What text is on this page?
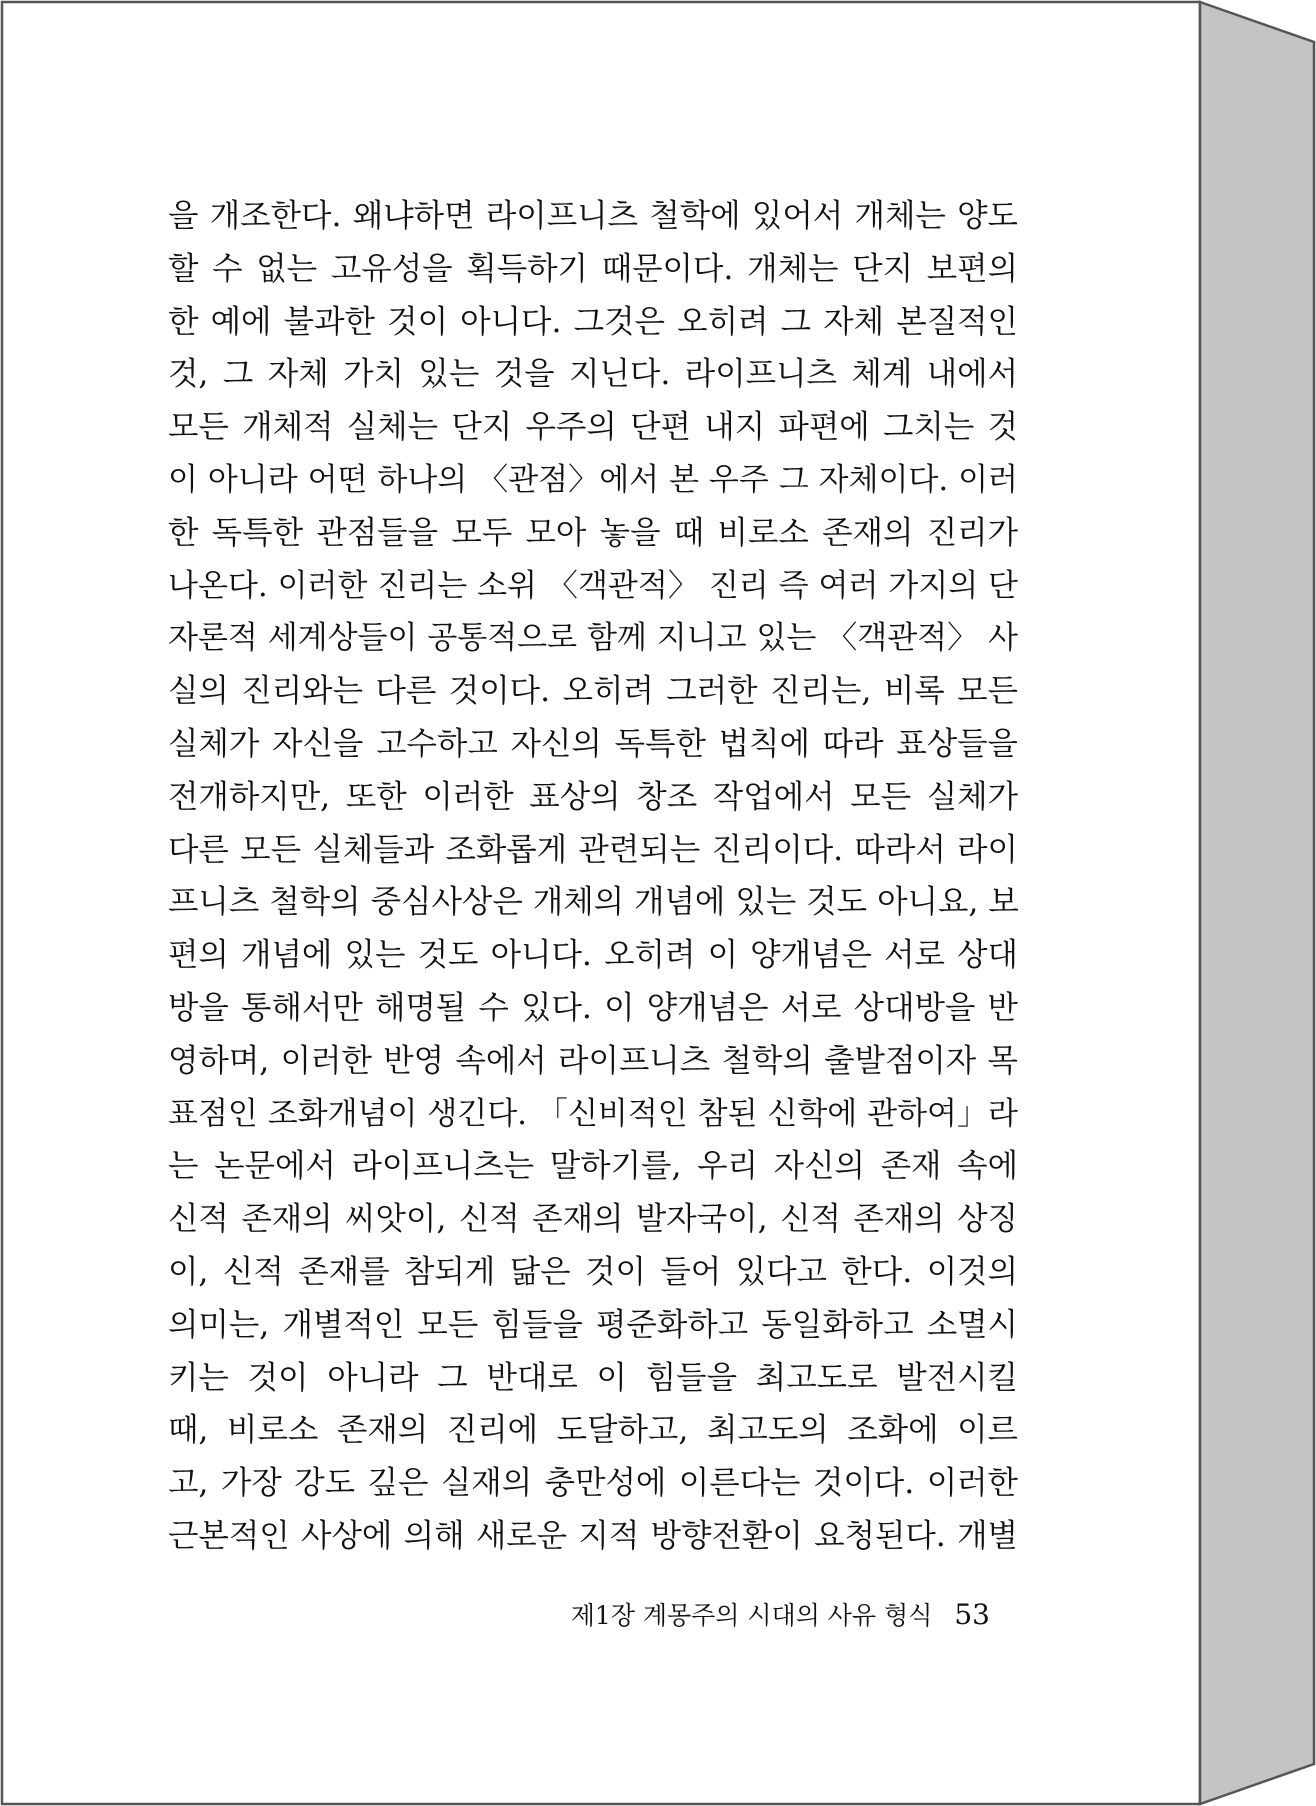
을 개조한다. 왜냐하면 라이프니츠 철학에 있어서 개체는 양도
할 수 없는 고유성을 획득하기 때문이다. 개체는 단지 보편의
한 예에 불과한 것이 아니다. 그것은 오히려 그 자체 본질적인
것, 그 자체 가치 있는 것을 지닌다. 라이프니츠 체계 내에서
모든 개체적 실체는 단지 우주의 단편 내지 파편에 그치는 것
이 아니라 어떤 하나의 〈관점〉에서 본 우주 그 자체이다. 이러
한 독특한 관점들을 모두 모아 놓을 때 비로소 존재의 진리가
나온다. 이러한 진리는 소위 〈객관적〉 진리 즉 여러 가지의 단
자론적 세계상들이 공통적으로 함께 지니고 있는 〈객관적〉 사
실의 진리와는 다른 것이다. 오히려 그러한 진리는, 비록 모든
실체가 자신을 고수하고 자신의 독특한 법칙에 따라 표상들을
전개하지만, 또한 이러한 표상의 창조 작업에서 모든 실체가
다른 모든 실체들과 조화롭게 관련되는 진리이다. 따라서 라이
프니츠 철학의 중심사상은 개체의 개념에 있는 것도 아니요, 보
편의 개념에 있는 것도 아니다. 오히려 이 양개념은 서로 상대
방을 통해서만 해명될 수 있다. 이 양개념은 서로 상대방을 반
영하며, 이러한 반영 속에서 라이프니츠 철학의 출발점이자 목
표점인 조화개념이 생긴다. 「신비적인 참된 신학에 관하여」라
는 논문에서 라이프니츠는 말하기를, 우리 자신의 존재 속에
신적 존재의 씨앗이, 신적 존재의 발자국이, 신적 존재의 상징
이, 신적 존재를 참되게 닮은 것이 들어 있다고 한다. 이것의
의미는, 개별적인 모든 힘들을 평준화하고 동일화하고 소멸시
키는 것이 아니라 그 반대로 이 힘들을 최고도로 발전시킬
때, 비로소 존재의 진리에 도달하고, 최고도의 조화에 이르
고, 가장 강도 깊은 실재의 충만성에 이른다는 것이다. 이러한
근본적인 사상에 의해 새로운 지적 방향전환이 요청된다. 개별
제1장 계몽주의 시대의 사유 형식 53
